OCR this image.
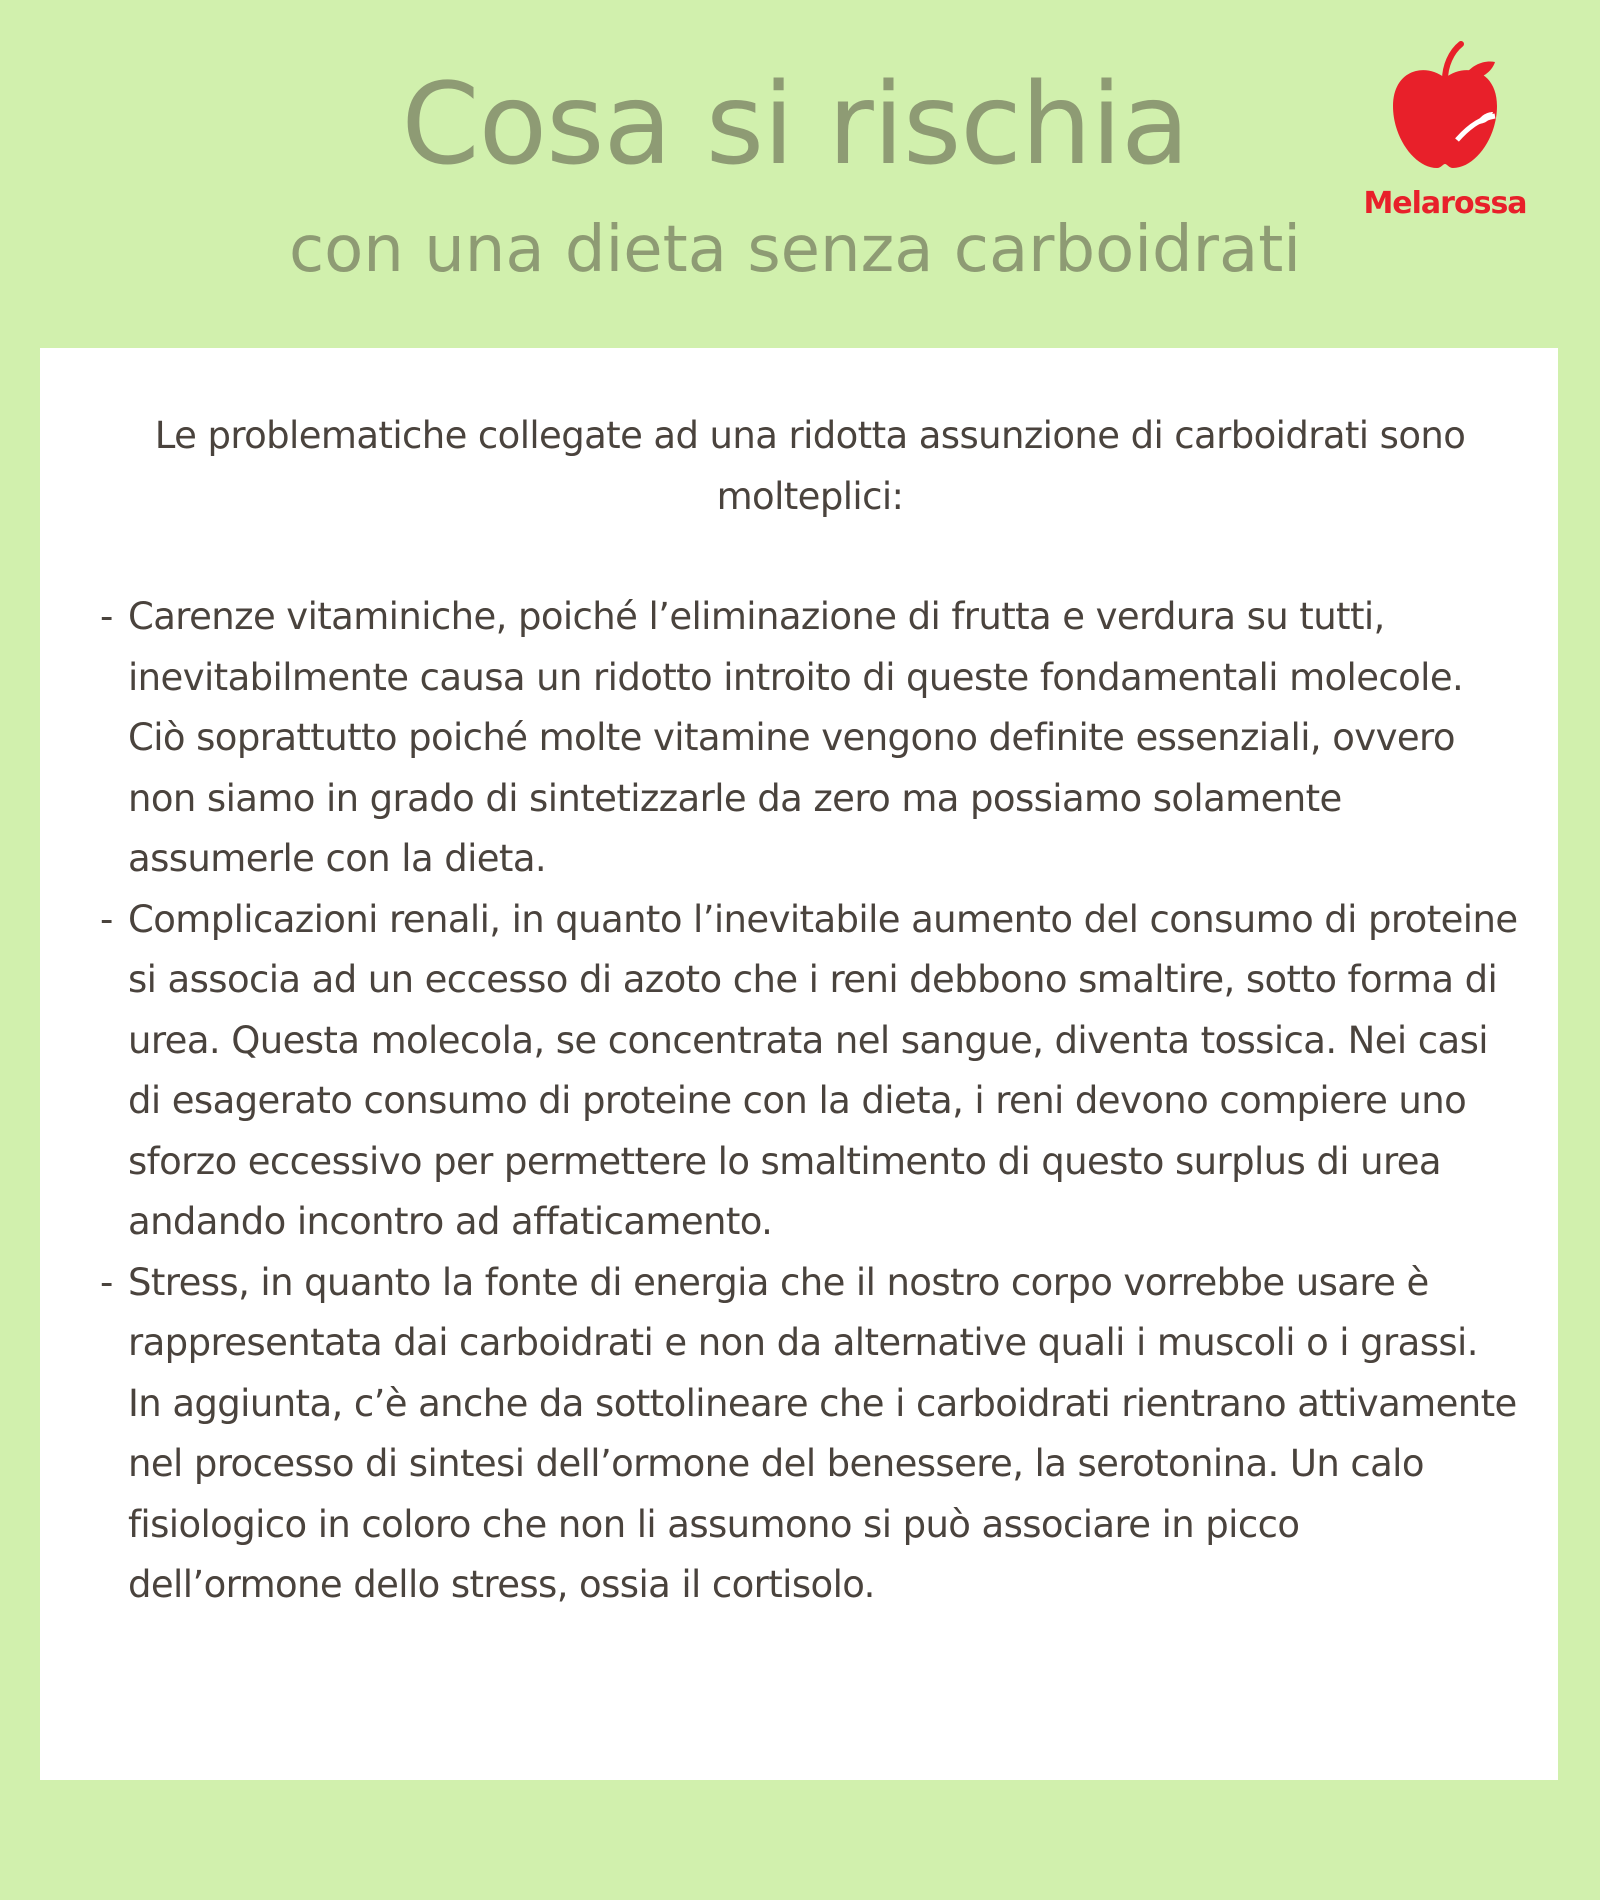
Cosa si rischia
con una dieta senza carboidrati
Melarossa

Le problematiche collegate ad una ridotta assunzione di carboidrati sono molteplici:

- Carenze vitaminiche, poiché l’eliminazione di frutta e verdura su tutti, inevitabilmente causa un ridotto introito di queste fondamentali molecole. Ciò soprattutto poiché molte vitamine vengono definite essenziali, ovvero non siamo in grado di sintetizzarle da zero ma possiamo solamente assumerle con la dieta.
- Complicazioni renali, in quanto l’inevitabile aumento del consumo di proteine si associa ad un eccesso di azoto che i reni debbono smaltire, sotto forma di urea. Questa molecola, se concentrata nel sangue, diventa tossica. Nei casi di esagerato consumo di proteine con la dieta, i reni devono compiere uno sforzo eccessivo per permettere lo smaltimento di questo surplus di urea andando incontro ad affaticamento.
- Stress, in quanto la fonte di energia che il nostro corpo vorrebbe usare è rappresentata dai carboidrati e non da alternative quali i muscoli o i grassi. In aggiunta, c’è anche da sottolineare che i carboidrati rientrano attivamente nel processo di sintesi dell’ormone del benessere, la serotonina. Un calo fisiologico in coloro che non li assumono si può associare in picco dell’ormone dello stress, ossia il cortisolo.
